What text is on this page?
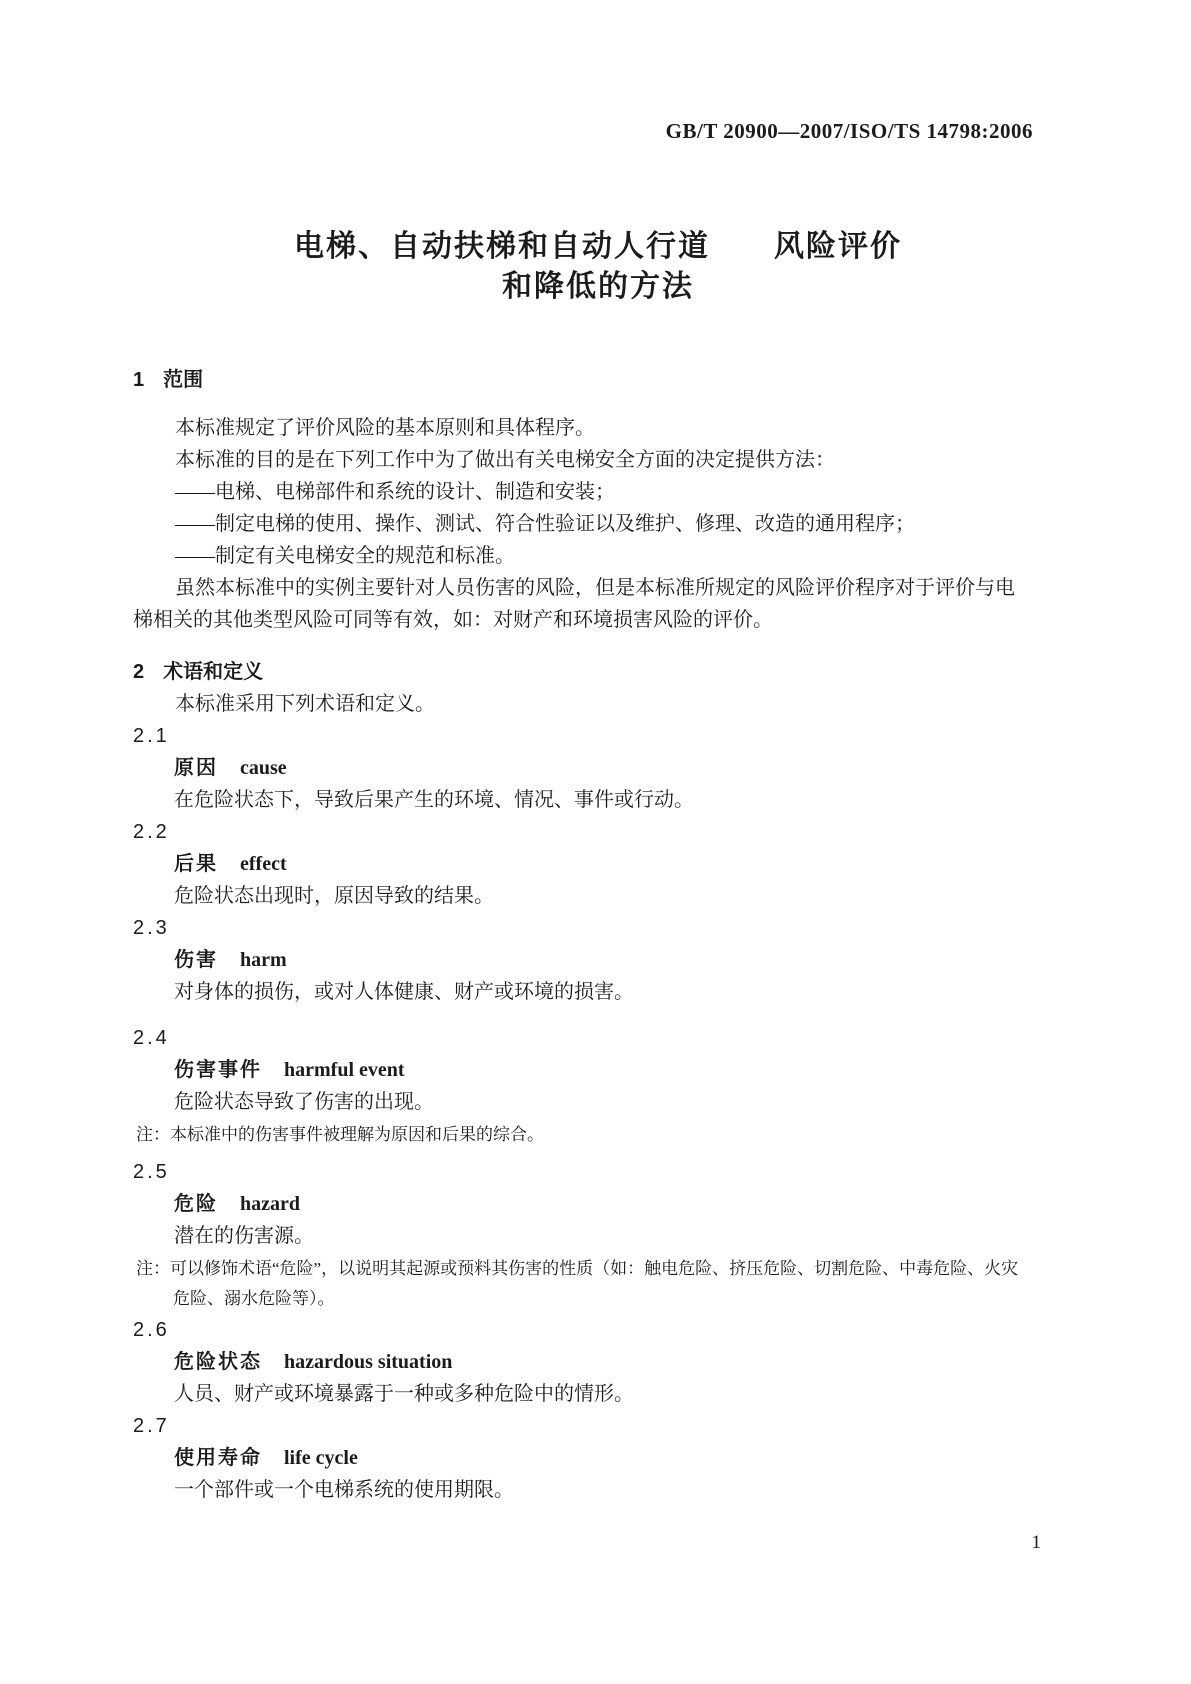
GB/T 20900—2007/ISO/TS 14798:2006
电梯、自动扶梯和自动人行道　　风险评价
和降低的方法
1 范围

本标准规定了评价风险的基本原则和具体程序。

本标准的目的是在下列工作中为了做出有关电梯安全方面的决定提供方法：

——电梯、电梯部件和系统的设计、制造和安装；

——制定电梯的使用、操作、测试、符合性验证以及维护、修理、改造的通用程序；

——制定有关电梯安全的规范和标准。

虽然本标准中的实例主要针对人员伤害的风险，但是本标准所规定的风险评价程序对于评价与电

梯相关的其他类型风险可同等有效，如：对财产和环境损害风险的评价。

2 术语和定义

本标准采用下列术语和定义。

2.1
原因 cause
在危险状态下，导致后果产生的环境、情况、事件或行动。
2.2
后果 effect
危险状态出现时，原因导致的结果。
2.3
伤害 harm
对身体的损伤，或对人体健康、财产或环境的损害。
2.4
伤害事件 harmful event
危险状态导致了伤害的出现。
注：本标准中的伤害事件被理解为原因和后果的综合。
2.5
危险 hazard
潜在的伤害源。
注：可以修饰术语“危险”，以说明其起源或预料其伤害的性质（如：触电危险、挤压危险、切割危险、中毒危险、火灾
危险、溺水危险等）。
2.6
危险状态 hazardous situation
人员、财产或环境暴露于一种或多种危险中的情形。
2.7
使用寿命 life cycle
一个部件或一个电梯系统的使用期限。
1
